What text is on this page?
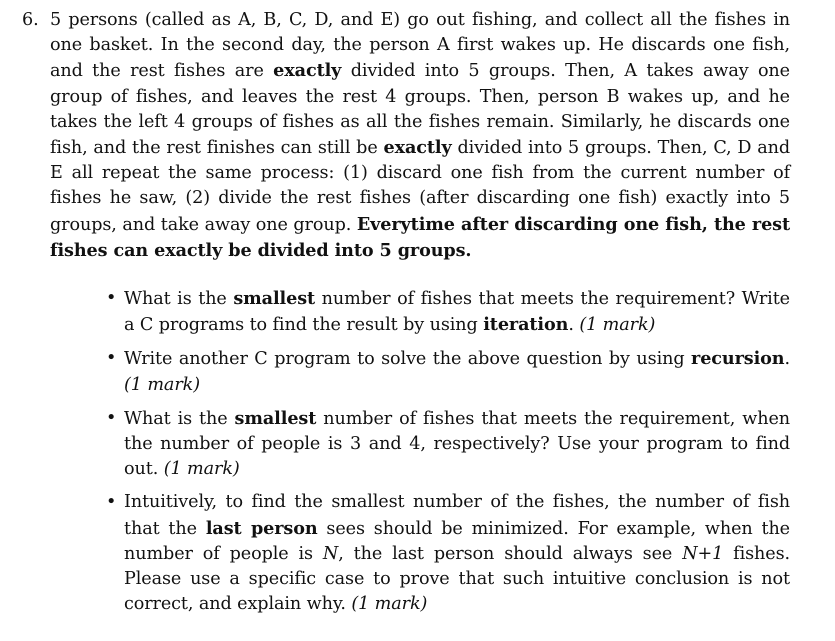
6. 5 persons (called as A, B, C, D, and E) go out fishing, and collect all the fishes in one basket. In the second day, the person A first wakes up. He discards one fish, and the rest fishes are exactly divided into 5 groups. Then, A takes away one group of fishes, and leaves the rest 4 groups. Then, person B wakes up, and he takes the left 4 groups of fishes as all the fishes remain. Similarly, he discards one fish, and the rest finishes can still be exactly divided into 5 groups. Then, C, D and E all repeat the same process: (1) discard one fish from the current number of fishes he saw, (2) divide the rest fishes (after discarding one fish) exactly into 5 groups, and take away one group. Everytime after discarding one fish, the rest fishes can exactly be divided into 5 groups.

• What is the smallest number of fishes that meets the requirement? Write a C programs to find the result by using iteration. (1 mark)
• Write another C program to solve the above question by using recursion. (1 mark)
• What is the smallest number of fishes that meets the requirement, when the number of people is 3 and 4, respectively? Use your program to find out. (1 mark)
• Intuitively, to find the smallest number of the fishes, the number of fish that the last person sees should be minimized. For example, when the number of people is N, the last person should always see N+1 fishes. Please use a specific case to prove that such intuitive conclusion is not correct, and explain why. (1 mark)
